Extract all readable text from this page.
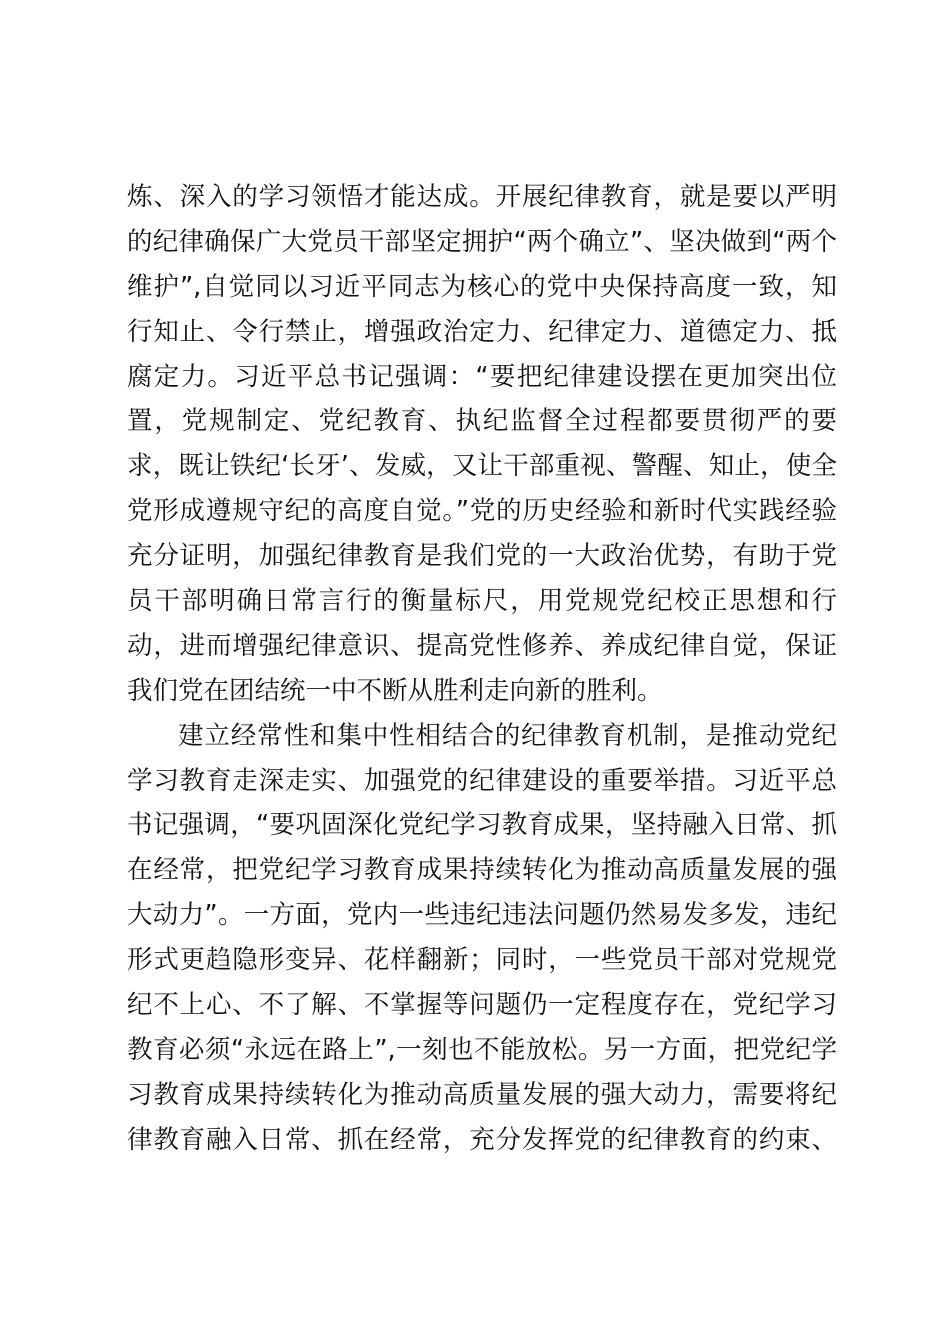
炼、深入的学习领悟才能达成。开展纪律教育，就是要以严明
的纪律确保广大党员干部坚定拥护“两个确立”、坚决做到“两个
维护”,自觉同以习近平同志为核心的党中央保持高度一致，知
行知止、令行禁止，增强政治定力、纪律定力、道德定力、抵
腐定力。习近平总书记强调：“要把纪律建设摆在更加突出位
置，党规制定、党纪教育、执纪监督全过程都要贯彻严的要
求，既让铁纪‘长牙’、发威，又让干部重视、警醒、知止，使全
党形成遵规守纪的高度自觉。”党的历史经验和新时代实践经验
充分证明，加强纪律教育是我们党的一大政治优势，有助于党
员干部明确日常言行的衡量标尺，用党规党纪校正思想和行
动，进而增强纪律意识、提高党性修养、养成纪律自觉，保证
我们党在团结统一中不断从胜利走向新的胜利。
建立经常性和集中性相结合的纪律教育机制，是推动党纪
学习教育走深走实、加强党的纪律建设的重要举措。习近平总
书记强调，“要巩固深化党纪学习教育成果，坚持融入日常、抓
在经常，把党纪学习教育成果持续转化为推动高质量发展的强
大动力”。一方面，党内一些违纪违法问题仍然易发多发，违纪
形式更趋隐形变异、花样翻新；同时，一些党员干部对党规党
纪不上心、不了解、不掌握等问题仍一定程度存在，党纪学习
教育必须“永远在路上”,一刻也不能放松。另一方面，把党纪学
习教育成果持续转化为推动高质量发展的强大动力，需要将纪
律教育融入日常、抓在经常，充分发挥党的纪律教育的约束、
